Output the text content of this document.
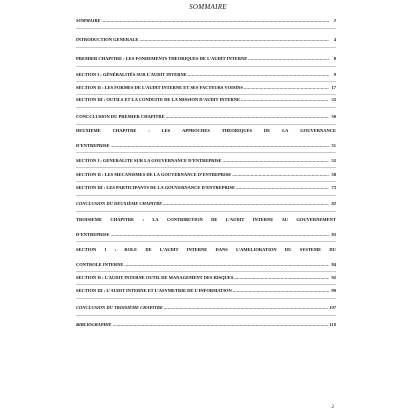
SOMMAIRE
SOMMAIRE .....	2
INTRODUCTION GENERALE .....	4
PREMIER CHAPITRE : LES FONDEMENTS THEORIQUES DE L’AUDIT INTERNE .....	8
SECTION I : GÉNÉRALITÉS SUR L’AUDIT INTERNE .....	9
SECTION II : LES FORMES DE L’AUDIT INTERNE ET SES FACTEURS VOISINS .....	17
SECTION III : OUTILS ET LA CONDUITE DE LA MISSION D’AUDIT INTERNE .....	33
CONCCLUSION DU PREMIER CHAPITRE .....	50
DEUXIEME	CHAPITRE	:	LES	APPROCHES	THEORIQUES	DE	LA	GOUVERNANCE
D’ENTREPRISE .....	51
SECTION I : GENERALITE SUR LA GOUVERNANCE D’ENTREPRISE .....	52
SECTION II : LES MECANISMES DE LA GOUVERNANCE D’ENTREPRISE .....	58
SECTION III : LES PARTICIPANTS DE LA GOUVERNANCE D’ENTREPRISE .....	73
CONCLUSION DU DEUXIÈME CHAPITRE .....	82
TROISIEME CHAPITRE : LA CONTRIBUTION DE L’AUDIT INTERNE AU GOUVERNEMENT
D’ENTREPRISE .....	83
SECTION I : ROLE DE L’AUDIT INTERNE DANS L’AMELIORATION DU SYSTEME DU
CONTROLE INTERNE .....	84
SECTION II : L’AUDIT INTERNE OUTIL DE MANAGEMENT DES RISQUES .....	92
SECTION III : L’AUDIT INTERNE ET L’ASYMETRIE DE L’INFORMATION .....	99
CONCLUSION DU TROISIÈME CHAPITRE .....	107
BIBLIOGRAPHIE .....	110
2
